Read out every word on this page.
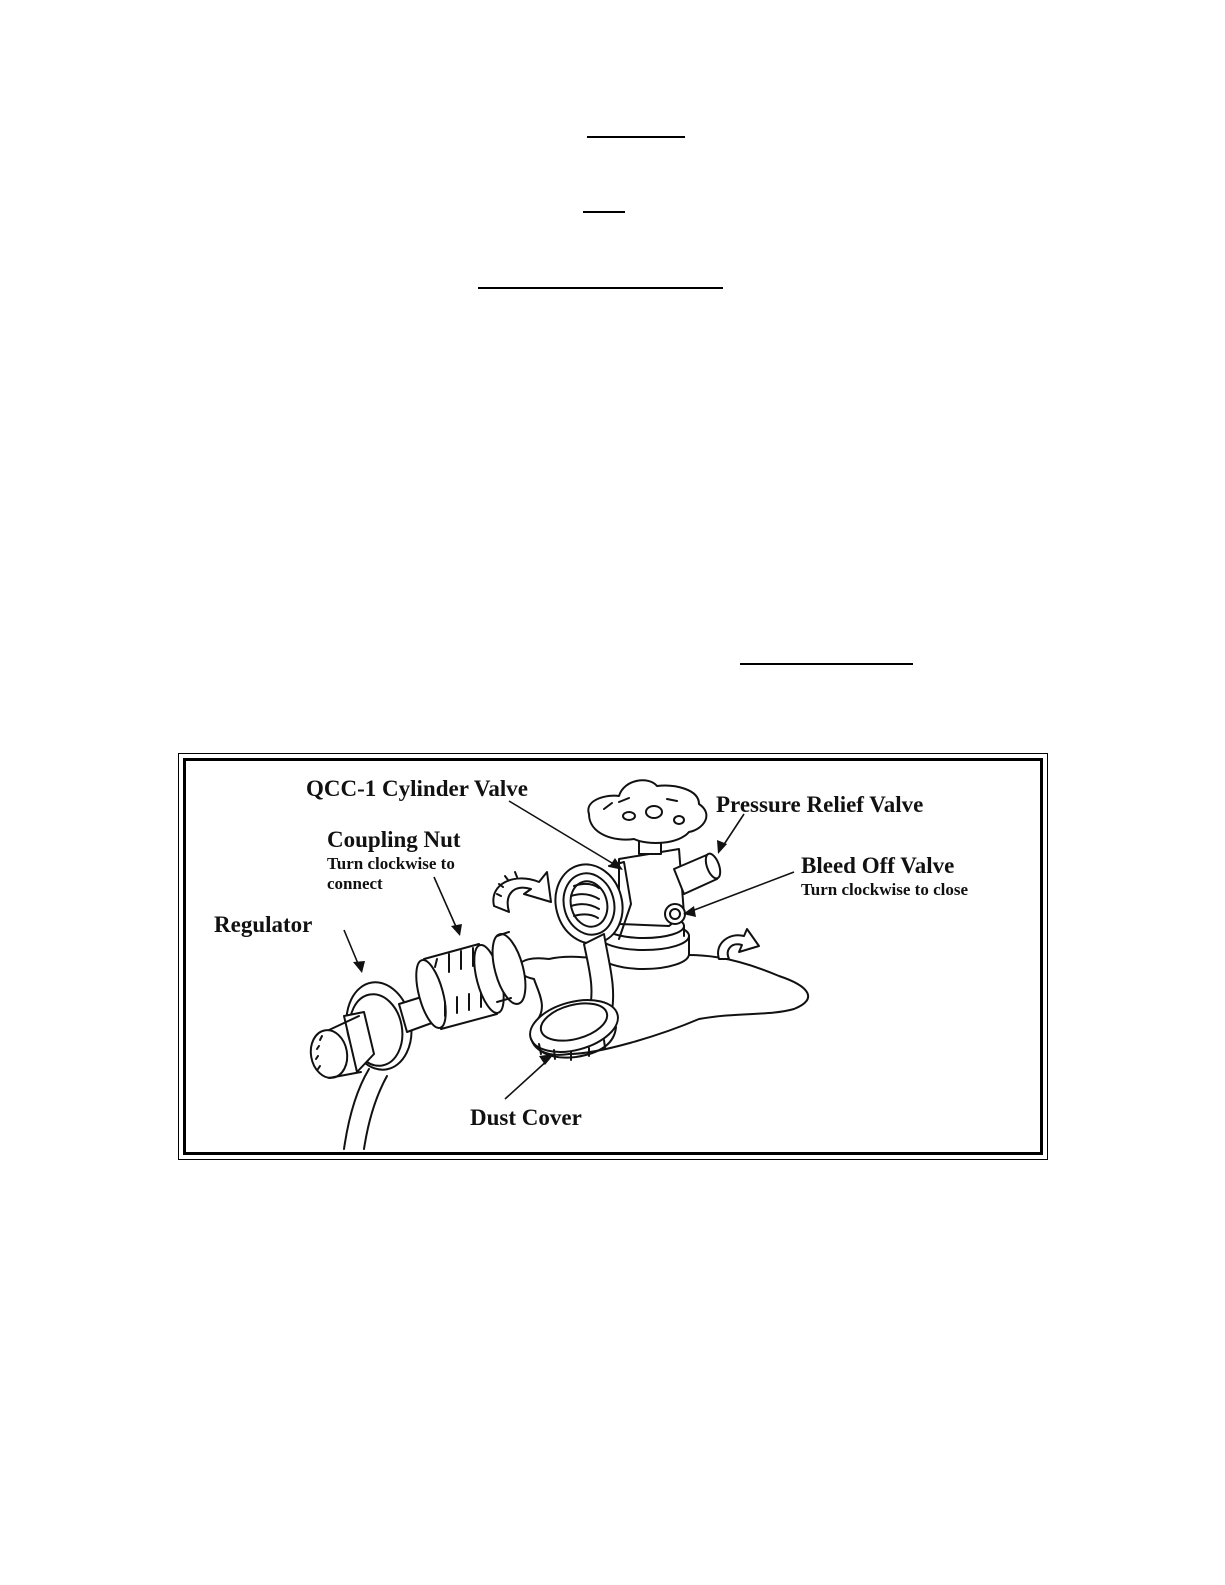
QCC-1 Cylinder Valve
Pressure Relief Valve
Coupling Nut
Turn clockwise to connect
Bleed Off Valve
Turn clockwise to close
Regulator
Dust Cover
